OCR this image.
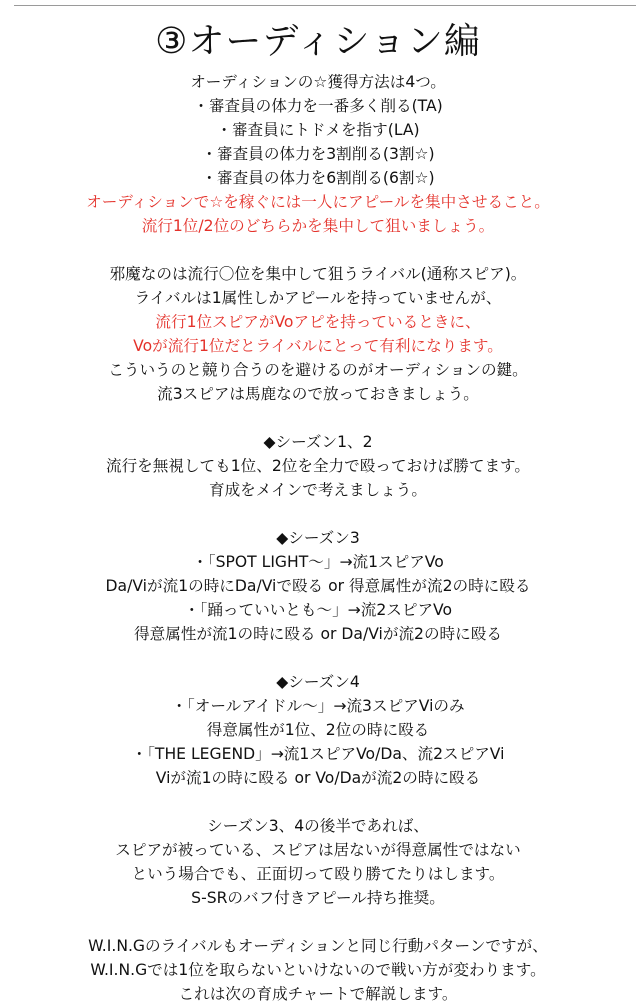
③オーディション編

オーディションの☆獲得方法は4つ。

・審査員の体力を一番多く削る(TA)

・審査員にトドメを指す(LA)

・審査員の体力を3割削る(3割☆)

・審査員の体力を6割削る(6割☆)

オーディションで☆を稼ぐには一人にアピールを集中させること。

流行1位/2位のどちらかを集中して狙いましょう。

邪魔なのは流行〇位を集中して狙うライバル(通称スピア)。

ライバルは1属性しかアピールを持っていませんが、

流行1位スピアがVoアピを持っているときに、

Voが流行1位だとライバルにとって有利になります。

こういうのと競り合うのを避けるのがオーディションの鍵。

流3スピアは馬鹿なので放っておきましょう。

◆シーズン1、2

流行を無視しても1位、2位を全力で殴っておけば勝てます。

育成をメインで考えましょう。

◆シーズン3

・「SPOT LIGHT～」→流1スピアVo

Da/Viが流1の時にDa/Viで殴る or 得意属性が流2の時に殴る

・「踊っていいとも～」→流2スピアVo

得意属性が流1の時に殴る or Da/Viが流2の時に殴る

◆シーズン4

・「オールアイドル～」→流3スピアViのみ

得意属性が1位、2位の時に殴る

・「THE LEGEND」→流1スピアVo/Da、流2スピアVi

Viが流1の時に殴る or Vo/Daが流2の時に殴る

シーズン3、4の後半であれば、

スピアが被っている、スピアは居ないが得意属性ではない

という場合でも、正面切って殴り勝てたりはします。

S-SRのバフ付きアピール持ち推奨。

W.I.N.Gのライバルもオーディションと同じ行動パターンですが、

W.I.N.Gでは1位を取らないといけないので戦い方が変わります。

これは次の育成チャートで解説します。
